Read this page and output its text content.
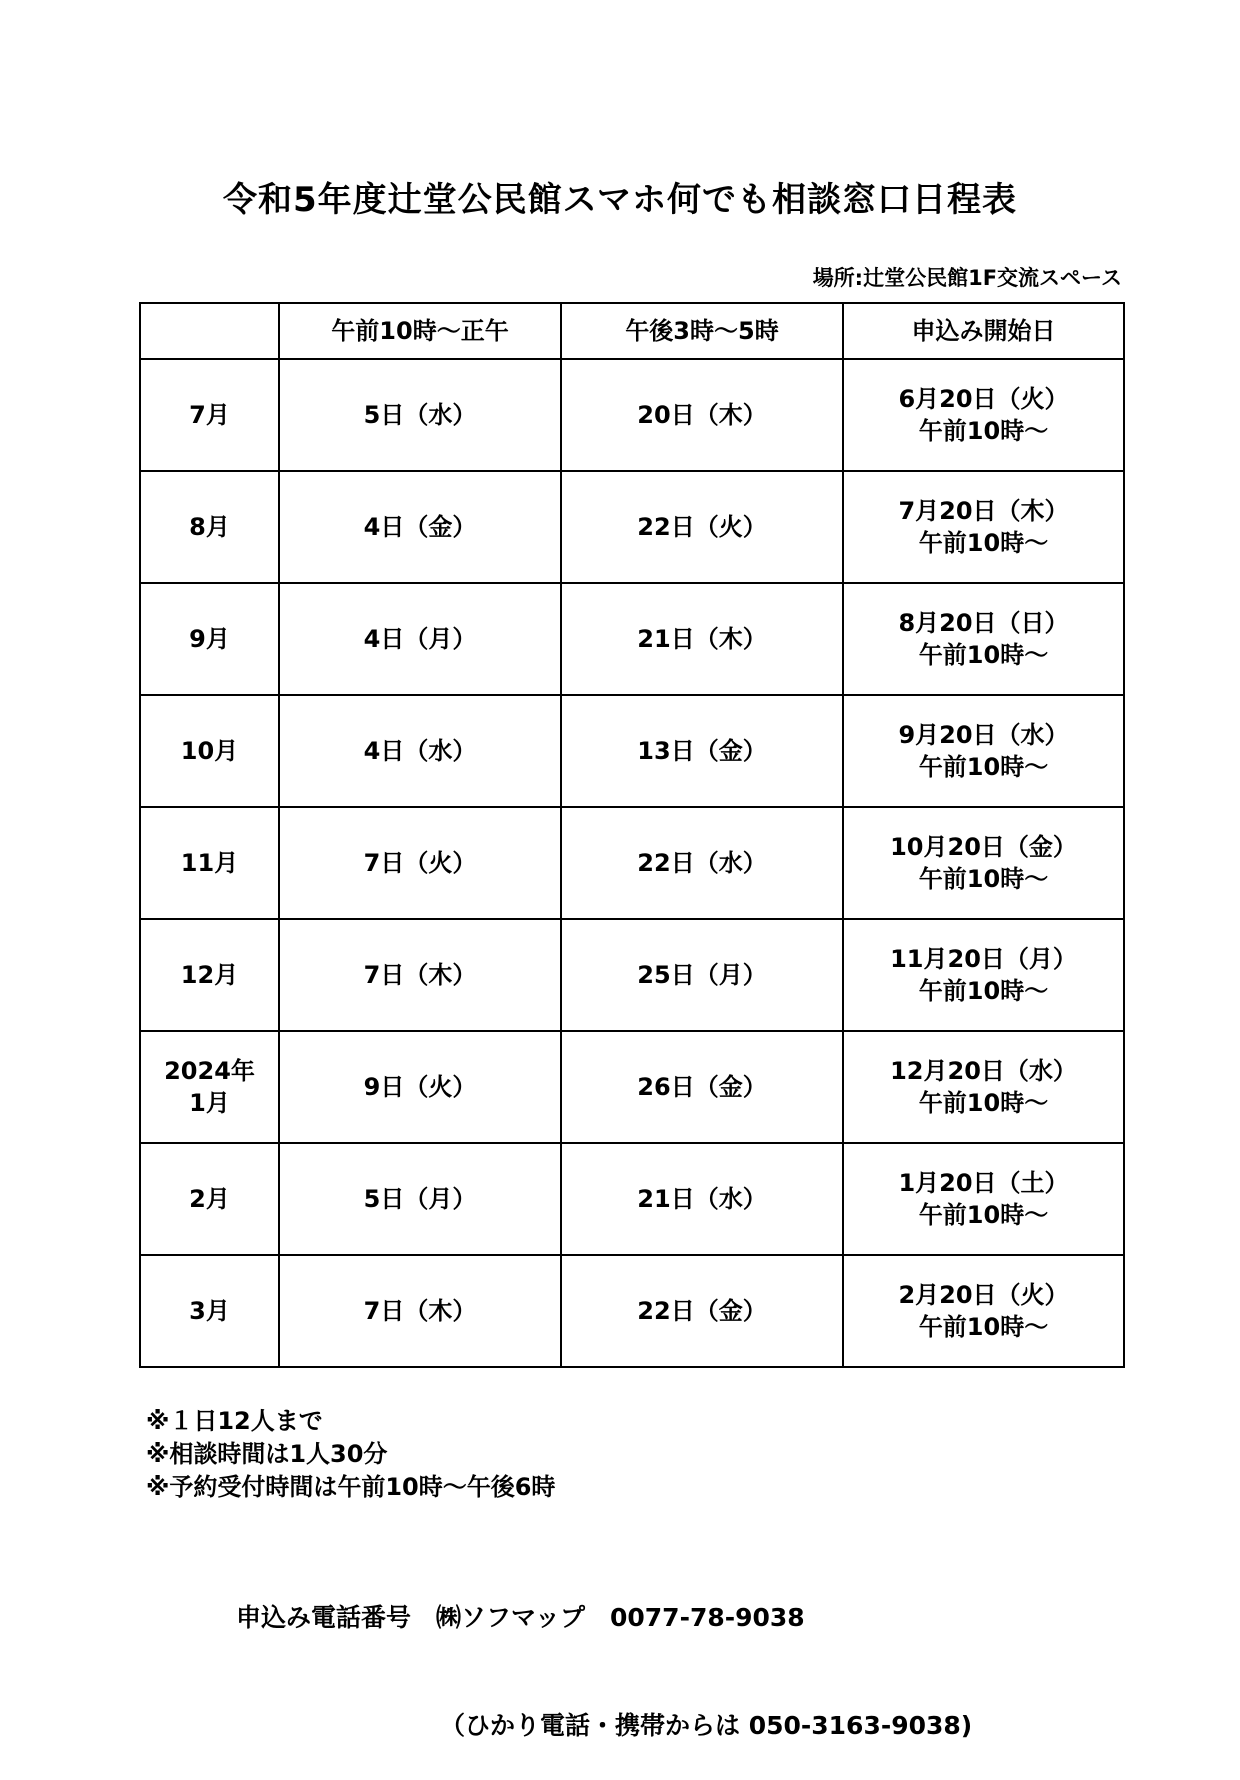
令和5年度辻堂公民館スマホ何でも相談窓口日程表
場所:辻堂公民館1F交流スペース
	午前10時～正午	午後3時～5時	申込み開始日

7月	5日（水）	20日（木）	6月20日（火）
午前10時～

8月	4日（金）	22日（火）	7月20日（木）
午前10時～

9月	4日（月）	21日（木）	8月20日（日）
午前10時～

10月	4日（水）	13日（金）	9月20日（水）
午前10時～

11月	7日（火）	22日（水）	10月20日（金）
午前10時～

12月	7日（木）	25日（月）	11月20日（月）
午前10時～

2024年
1月	9日（火）	26日（金）	12月20日（水）
午前10時～

2月	5日（月）	21日（水）	1月20日（土）
午前10時～

3月	7日（木）	22日（金）	2月20日（火）
午前10時～
※１日12人まで
※相談時間は1人30分
※予約受付時間は午前10時～午後6時

申込み電話番号　㈱ソフマップ　0077-78-9038

（ひかり電話・携帯からは 050-3163-9038)
